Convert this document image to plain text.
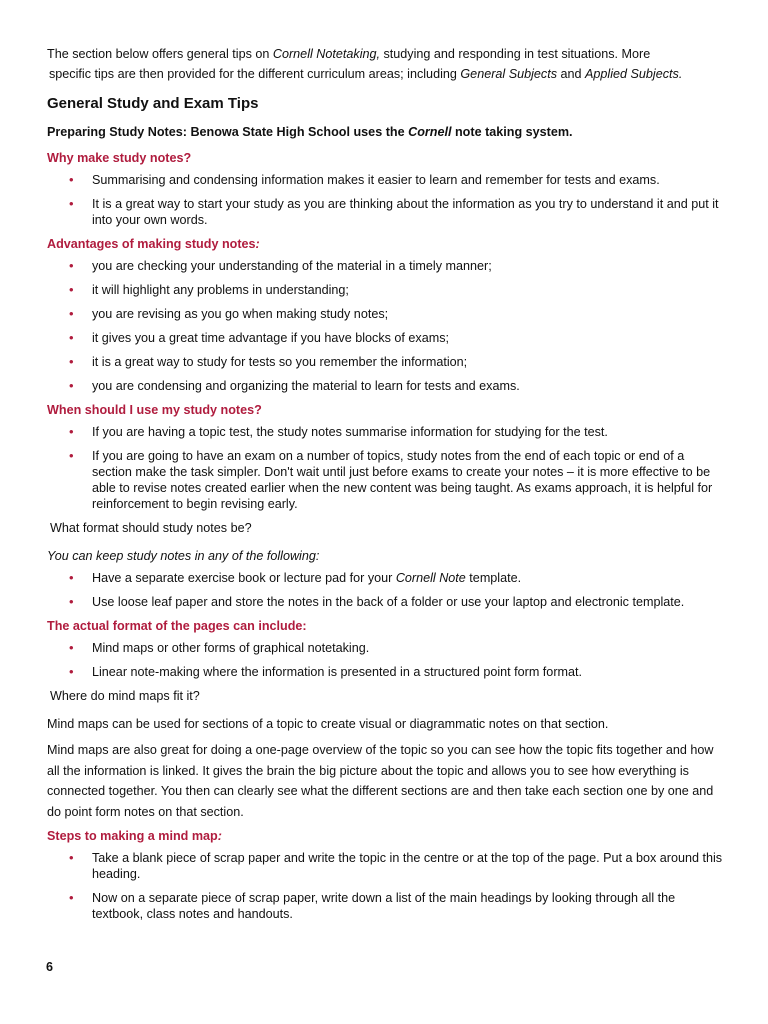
The section below offers general tips on Cornell Notetaking, studying and responding in test situations. More
specific tips are then provided for the different curriculum areas; including General Subjects and Applied Subjects.

General Study and Exam Tips

Preparing Study Notes: Benowa State High School uses the Cornell note taking system.

Why make study notes?
• Summarising and condensing information makes it easier to learn and remember for tests and exams.
• It is a great way to start your study as you are thinking about the information as you try to understand it and put it into your own words.
Advantages of making study notes:
• you are checking your understanding of the material in a timely manner;
• it will highlight any problems in understanding;
• you are revising as you go when making study notes;
• it gives you a great time advantage if you have blocks of exams;
• it is a great way to study for tests so you remember the information;
• you are condensing and organizing the material to learn for tests and exams.
When should I use my study notes?
• If you are having a topic test, the study notes summarise information for studying for the test.
• If you are going to have an exam on a number of topics, study notes from the end of each topic or end of a section make the task simpler. Don't wait until just before exams to create your notes – it is more effective to be able to revise notes created earlier when the new content was being taught. As exams approach, it is helpful for reinforcement to begin revising early.
What format should study notes be?
You can keep study notes in any of the following:
• Have a separate exercise book or lecture pad for your Cornell Note template.
• Use loose leaf paper and store the notes in the back of a folder or use your laptop and electronic template.
The actual format of the pages can include:
• Mind maps or other forms of graphical notetaking.
• Linear note-making where the information is presented in a structured point form format.
Where do mind maps fit it?

Mind maps can be used for sections of a topic to create visual or diagrammatic notes on that section.

Mind maps are also great for doing a one-page overview of the topic so you can see how the topic fits together and how all the information is linked. It gives the brain the big picture about the topic and allows you to see how everything is connected together. You then can clearly see what the different sections are and then take each section one by one and do point form notes on that section.

Steps to making a mind map:
• Take a blank piece of scrap paper and write the topic in the centre or at the top of the page. Put a box around this heading.
• Now on a separate piece of scrap paper, write down a list of the main headings by looking through all the textbook, class notes and handouts.
6
